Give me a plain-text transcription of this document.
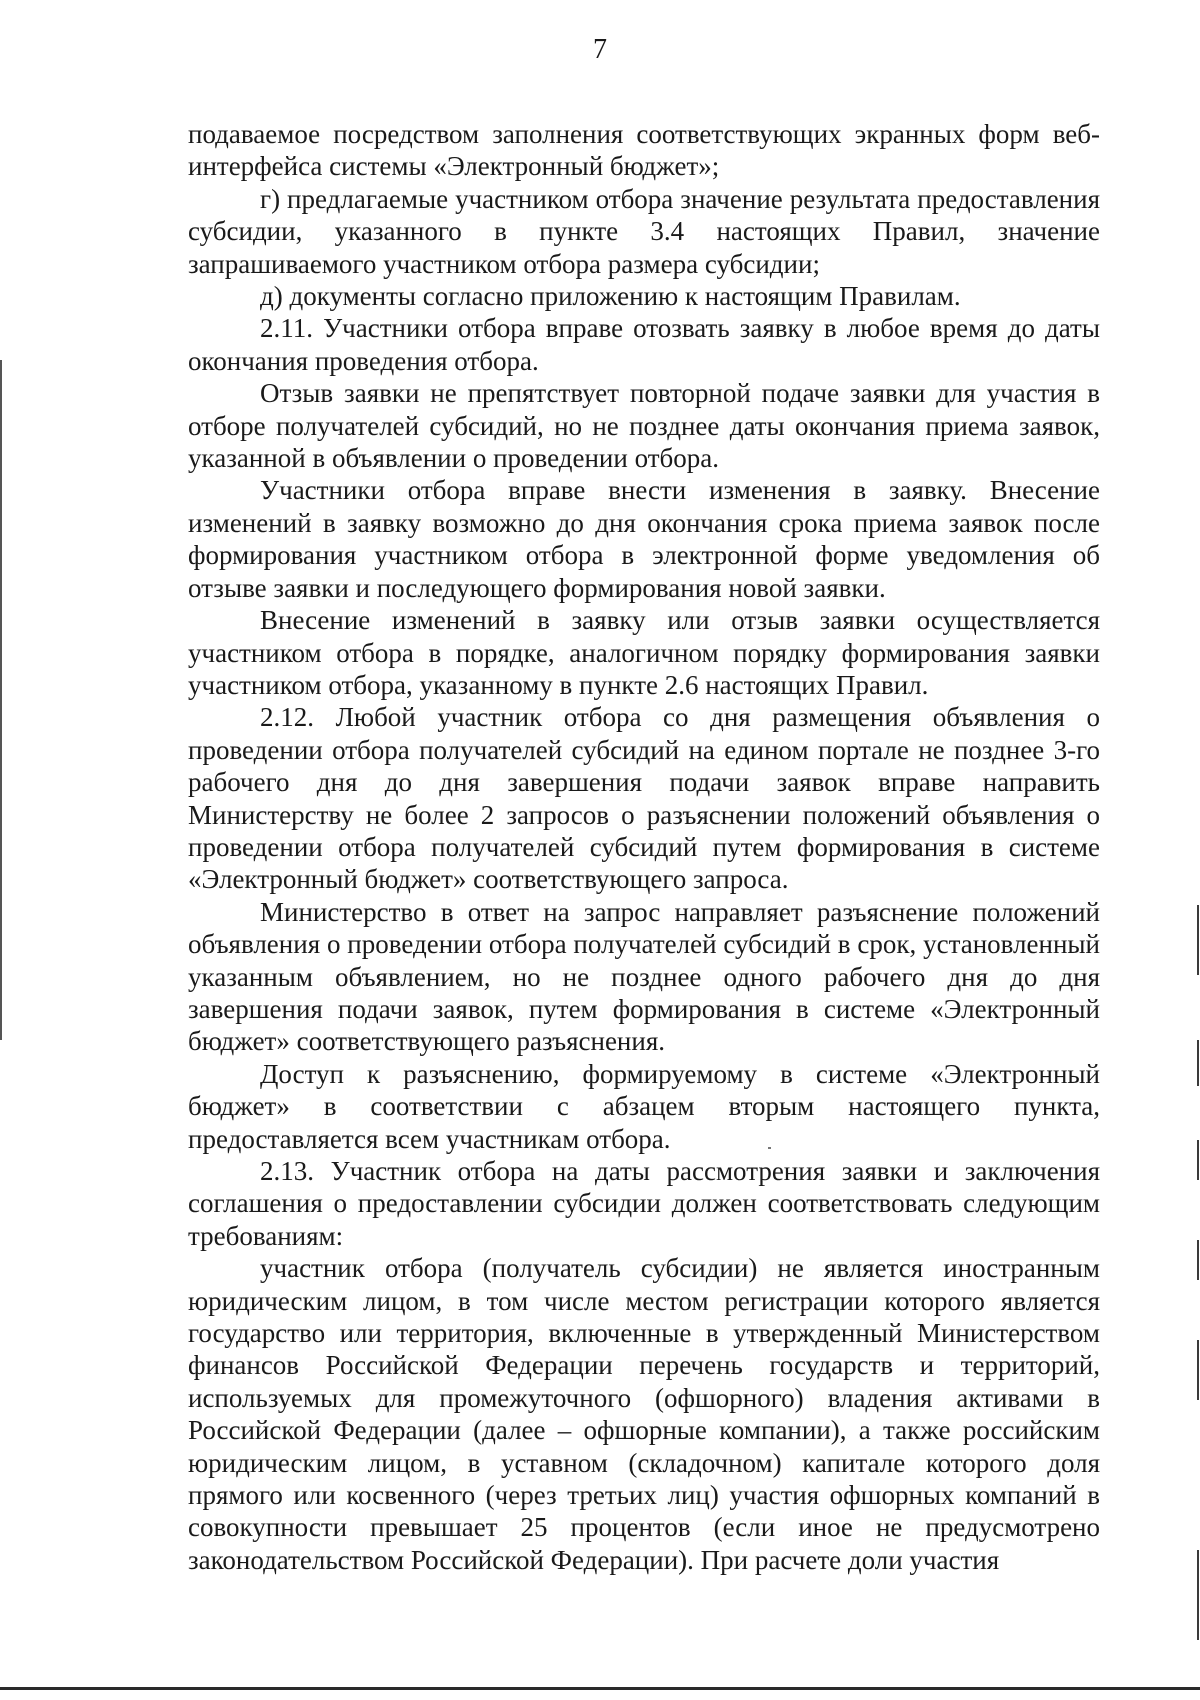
7

подаваемое посредством заполнения соответствующих экранных форм веб-интерфейса системы «Электронный бюджет»;

г) предлагаемые участником отбора значение результата предоставления субсидии, указанного в пункте 3.4 настоящих Правил, значение запрашиваемого участником отбора размера субсидии;

д) документы согласно приложению к настоящим Правилам.

2.11. Участники отбора вправе отозвать заявку в любое время до даты окончания проведения отбора.

Отзыв заявки не препятствует повторной подаче заявки для участия в отборе получателей субсидий, но не позднее даты окончания приема заявок, указанной в объявлении о проведении отбора.

Участники отбора вправе внести изменения в заявку. Внесение изменений в заявку возможно до дня окончания срока приема заявок после формирования участником отбора в электронной форме уведомления об отзыве заявки и последующего формирования новой заявки.

Внесение изменений в заявку или отзыв заявки осуществляется участником отбора в порядке, аналогичном порядку формирования заявки участником отбора, указанному в пункте 2.6 настоящих Правил.

2.12. Любой участник отбора со дня размещения объявления о проведении отбора получателей субсидий на едином портале не позднее 3-го рабочего дня до дня завершения подачи заявок вправе направить Министерству не более 2 запросов о разъяснении положений объявления о проведении отбора получателей субсидий путем формирования в системе «Электронный бюджет» соответствующего запроса.

Министерство в ответ на запрос направляет разъяснение положений объявления о проведении отбора получателей субсидий в срок, установленный указанным объявлением, но не позднее одного рабочего дня до дня завершения подачи заявок, путем формирования в системе «Электронный бюджет» соответствующего разъяснения.

Доступ к разъяснению, формируемому в системе «Электронный бюджет» в соответствии с абзацем вторым настоящего пункта, предоставляется всем участникам отбора.

2.13. Участник отбора на даты рассмотрения заявки и заключения соглашения о предоставлении субсидии должен соответствовать следующим требованиям:

участник отбора (получатель субсидии) не является иностранным юридическим лицом, в том числе местом регистрации которого является государство или территория, включенные в утвержденный Министерством финансов Российской Федерации перечень государств и территорий, используемых для промежуточного (офшорного) владения активами в Российской Федерации (далее – офшорные компании), а также российским юридическим лицом, в уставном (складочном) капитале которого доля прямого или косвенного (через третьих лиц) участия офшорных компаний в совокупности превышает 25 процентов (если иное не предусмотрено законодательством Российской Федерации). При расчете доли участия
